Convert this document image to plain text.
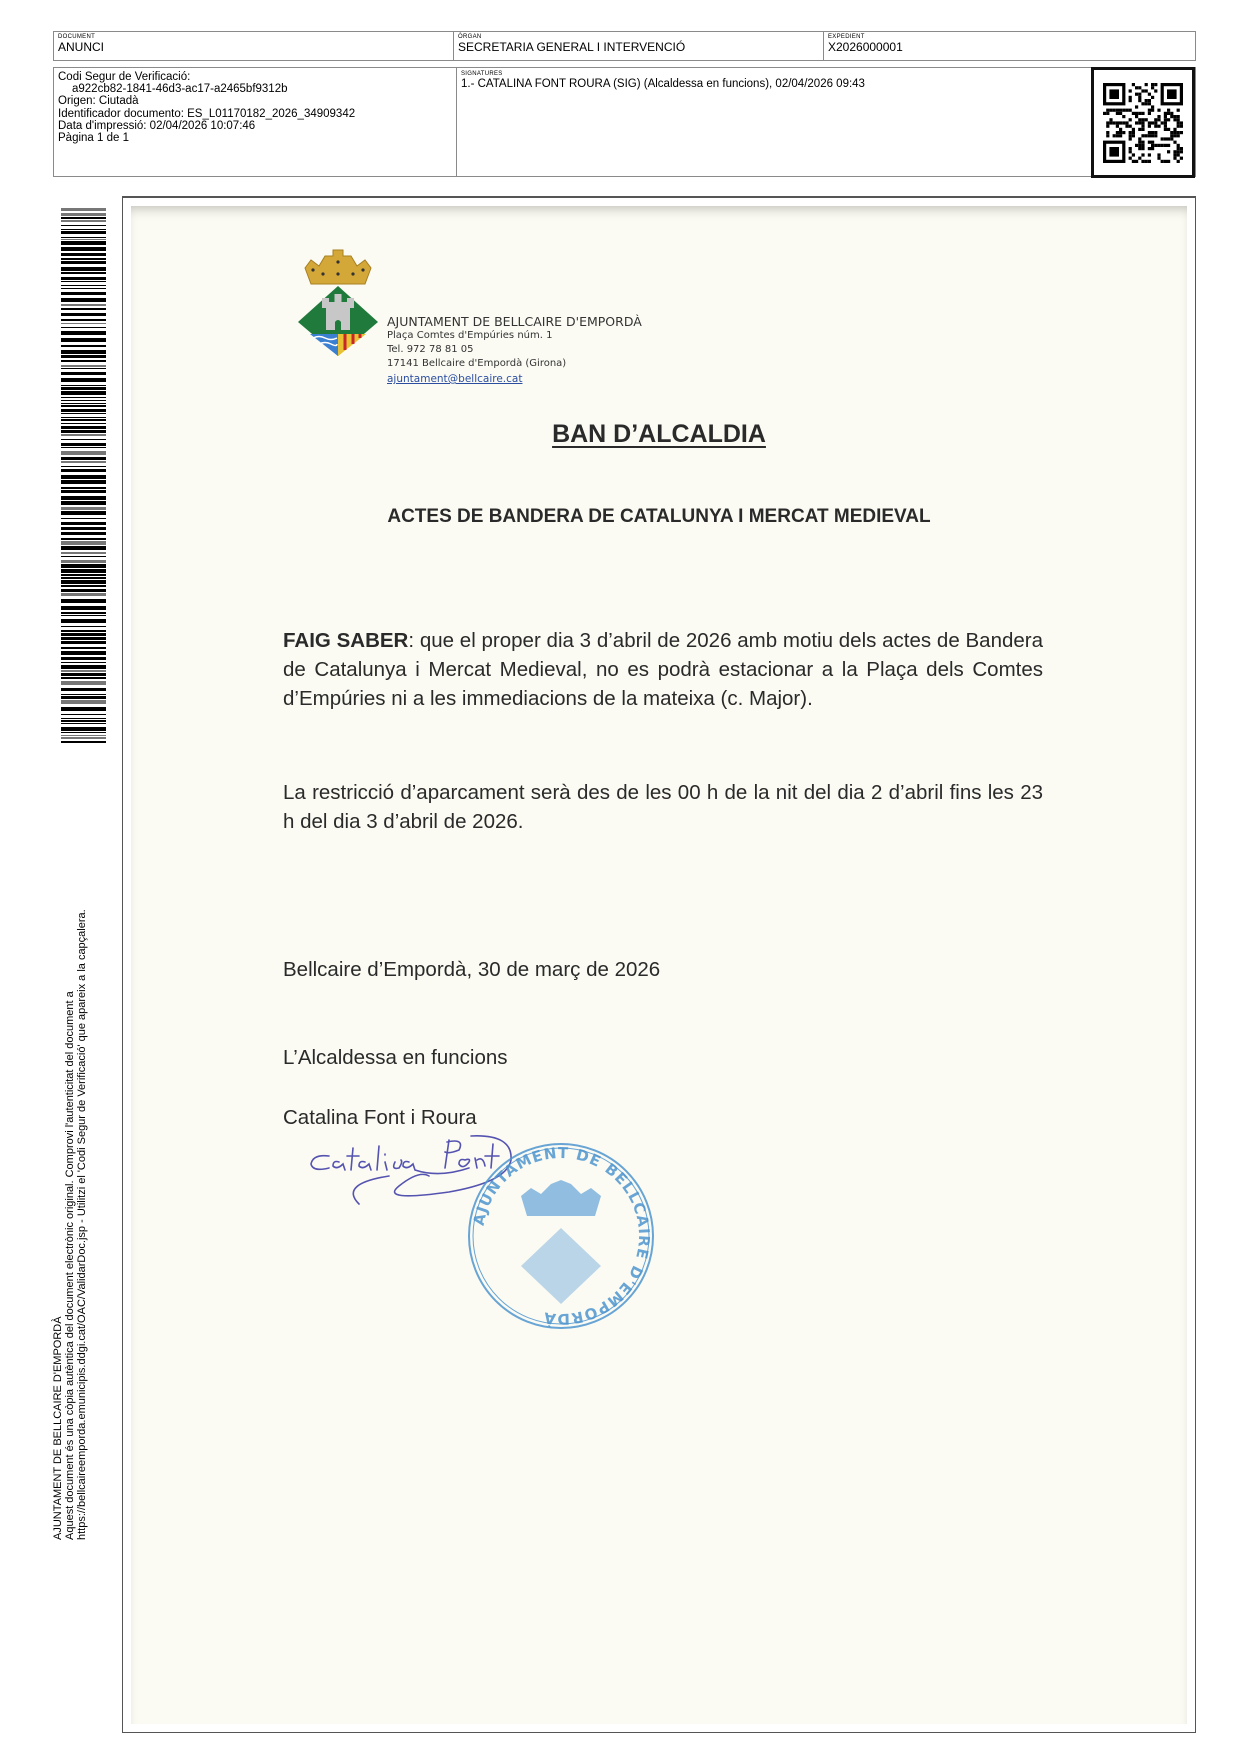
DOCUMENT
ANUNCI
ÒRGAN
SECRETARIA GENERAL I INTERVENCIÓ
EXPEDIENT
X2026000001
Codi Segur de Verificació:
a922cb82-1841-46d3-ac17-a2465bf9312b
Origen: Ciutadà
Identificador documento: ES_L01170182_2026_34909342
Data d'impressió: 02/04/2026 10:07:46
Pàgina 1 de 1
SIGNATURES
1.- CATALINA FONT ROURA (SIG) (Alcaldessa en funcions), 02/04/2026 09:43
AJUNTAMENT DE BELLCAIRE D'EMPORDÀ Aquest document és una còpia autèntica del document electrònic original. Comprovi l'autenticitat del document a https://bellcaireemporda.emunicipis.ddgi.cat/OAC/ValidarDoc.jsp - Utilitzi el 'Codi Segur de Verificació' que apareix a la capçalera.
AJUNTAMENT DE BELLCAIRE D'EMPORDÀ
Plaça Comtes d'Empúries núm. 1
Tel. 972 78 81 05
17141 Bellcaire d'Empordà (Girona)
ajuntament@bellcaire.cat
BAN D’ALCALDIA
ACTES DE BANDERA DE CATALUNYA I MERCAT MEDIEVAL
FAIG SABER: que el proper dia 3 d’abril de 2026 amb motiu dels actes de Bandera de Catalunya i Mercat Medieval, no es podrà estacionar a la Plaça dels Comtes d’Empúries ni a les immediacions de la mateixa (c. Major).
La restricció d’aparcament serà des de les 00 h de la nit del dia 2 d’abril fins les 23 h del dia 3 d’abril de 2026.
Bellcaire d’Empordà, 30 de març de 2026
L’Alcaldessa en funcions
Catalina Font i Roura
AJUNTAMENT DE BELLCAIRE D'EMPORDÀ
